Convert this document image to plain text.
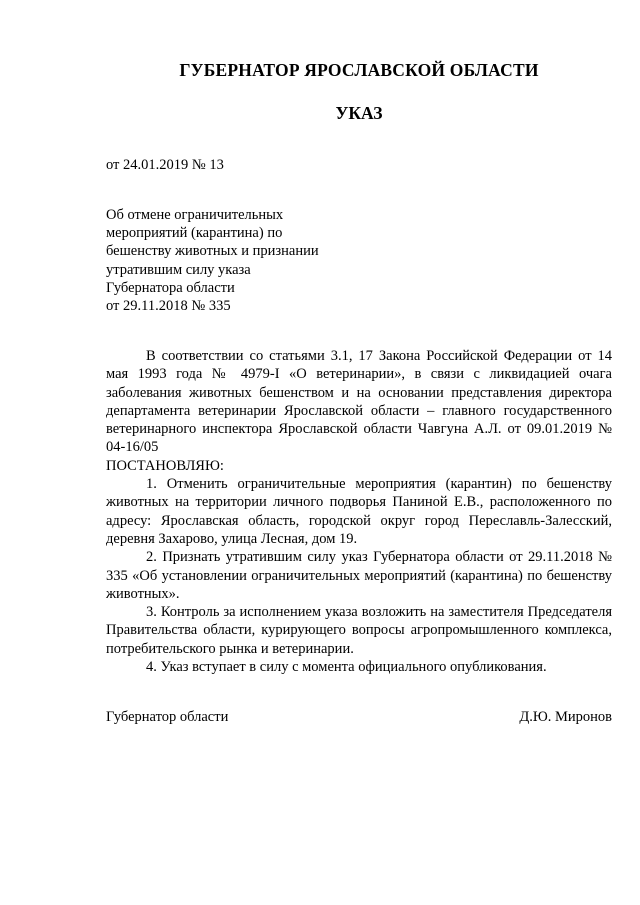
ГУБЕРНАТОР ЯРОСЛАВСКОЙ ОБЛАСТИ
УКАЗ

от 24.01.2019 № 13

Об отмене ограничительных
мероприятий (карантина) по
бешенству животных и признании
утратившим силу указа
Губернатора области
от 29.11.2018 № 335

В соответствии со статьями 3.1, 17 Закона Российской Федерации от 14 мая 1993 года № 4979-I «О ветеринарии», в связи с ликвидацией очага заболевания животных бешенством и на основании представления директора департамента ветеринарии Ярославской области – главного государственного ветеринарного инспектора Ярославской области Чавгуна А.Л. от 09.01.2019 № 04-16/05

ПОСТАНОВЛЯЮ:

1. Отменить ограничительные мероприятия (карантин) по бешенству животных на территории личного подворья Паниной Е.В., расположенного по адресу: Ярославская область, городской округ город Переславль-Залесский, деревня Захарово, улица Лесная, дом 19.

2. Признать утратившим силу указ Губернатора области от 29.11.2018 № 335 «Об установлении ограничительных мероприятий (карантина) по бешенству животных».

3. Контроль за исполнением указа возложить на заместителя Председателя Правительства области, курирующего вопросы агропромышленного комплекса, потребительского рынка и ветеринарии.

4. Указ вступает в силу с момента официального опубликования.

Губернатор области	Д.Ю. Миронов
